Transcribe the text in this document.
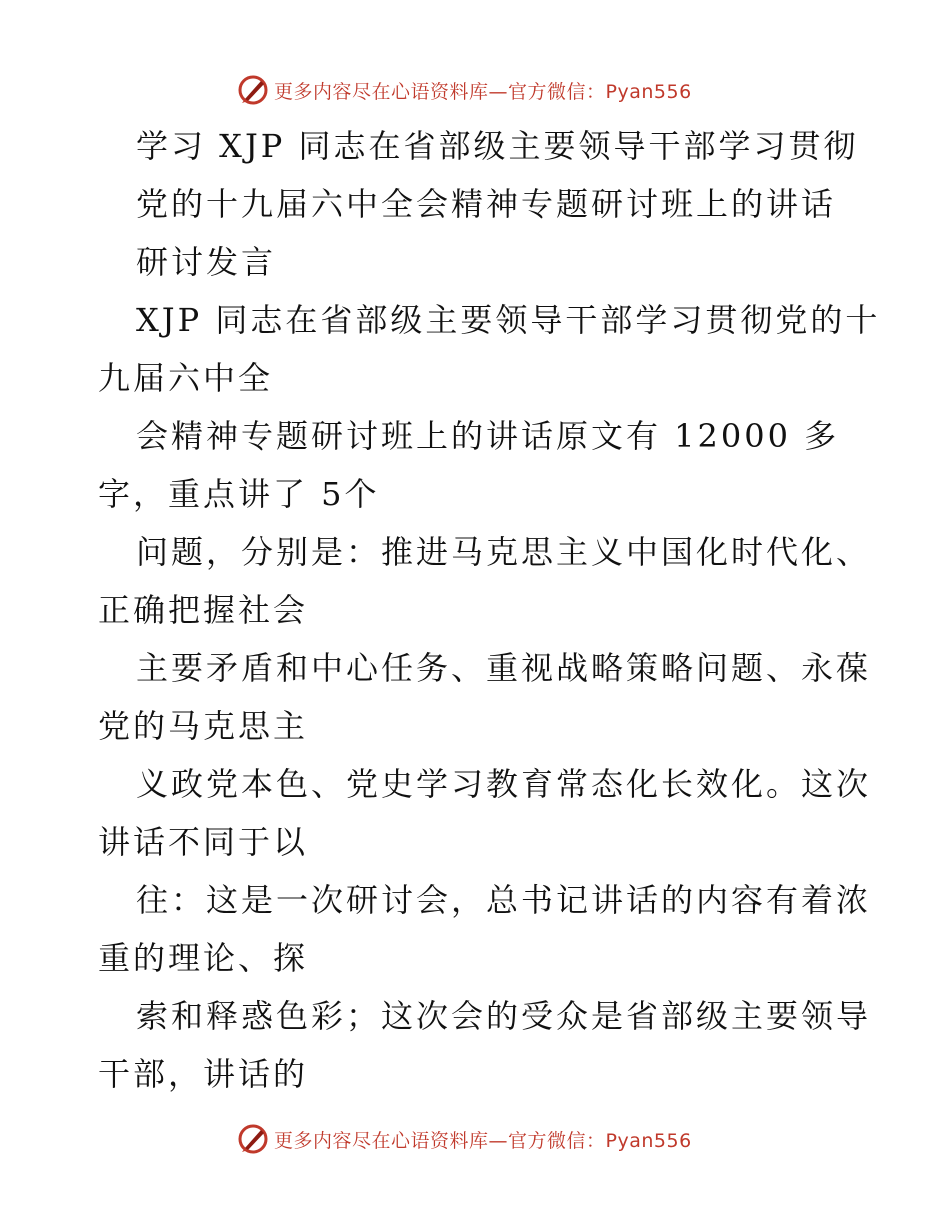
更多内容尽在心语资料库—官方微信：Pyan556

学习 XJP 同志在省部级主要领导干部学习贯彻

党的十九届六中全会精神专题研讨班上的讲话

研讨发言

XJP 同志在省部级主要领导干部学习贯彻党的十

九届六中全

会精神专题研讨班上的讲话原文有 12000 多

字，重点讲了 5个

问题，分别是：推进马克思主义中国化时代化、

正确把握社会

主要矛盾和中心任务、重视战略策略问题、永葆

党的马克思主

义政党本色、党史学习教育常态化长效化。这次

讲话不同于以

往：这是一次研讨会，总书记讲话的内容有着浓

重的理论、探

索和释惑色彩；这次会的受众是省部级主要领导

干部，讲话的

更多内容尽在心语资料库—官方微信：Pyan556
